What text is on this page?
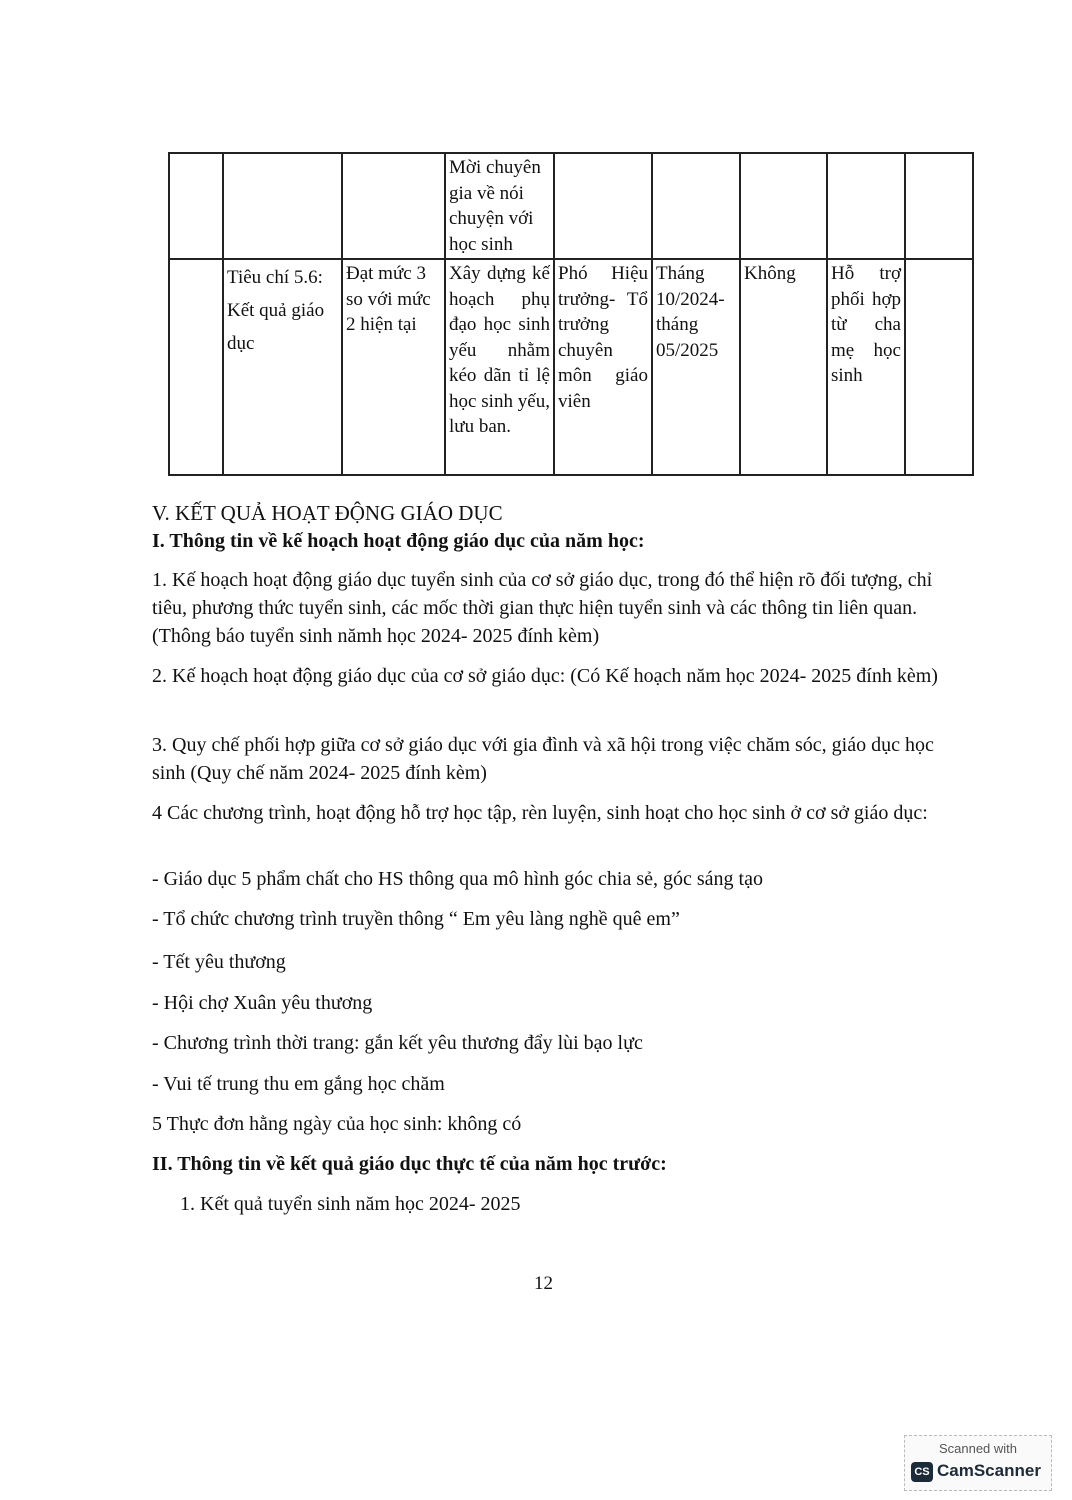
			Mời chuyên gia về nói chuyện với học sinh					
	Tiêu chí 5.6: Kết quả giáo dục	Đạt mức 3 so với mức 2 hiện tại	Xây dựng kế hoạch phụ đạo học sinh yếu nhằm kéo dãn tỉ lệ học sinh yếu, lưu ban.	Phó Hiệu trưởng- Tổ trưởng chuyên môn giáo viên	Tháng 10/2024- tháng 05/2025	Không	Hỗ trợ phối hợp từ cha mẹ học sinh	
V. KẾT QUẢ HOẠT ĐỘNG GIÁO DỤC
I. Thông tin về kế hoạch hoạt động giáo dục của năm học:
1. Kế hoạch hoạt động giáo dục tuyển sinh của cơ sở giáo dục, trong đó thể hiện rõ đối tượng, chỉ tiêu, phương thức tuyển sinh, các mốc thời gian thực hiện tuyển sinh và các thông tin liên quan. (Thông báo tuyển sinh nămh học 2024- 2025 đính kèm)
2. Kế hoạch hoạt động giáo dục của cơ sở giáo dục: (Có Kế hoạch năm học 2024- 2025 đính kèm)
3. Quy chế phối hợp giữa cơ sở giáo dục với gia đình và xã hội trong việc chăm sóc, giáo dục học sinh (Quy chế năm 2024- 2025 đính kèm)
4 Các chương trình, hoạt động hỗ trợ học tập, rèn luyện, sinh hoạt cho học sinh ở cơ sở giáo dục:
- Giáo dục 5 phẩm chất cho HS thông qua mô hình góc chia sẻ, góc sáng tạo
- Tổ chức chương trình truyền thông “ Em yêu làng nghề quê em”
- Tết yêu thương
- Hội chợ Xuân yêu thương
- Chương trình thời trang: gắn kết yêu thương đẩy lùi bạo lực
- Vui tế trung thu em gắng học chăm
5 Thực đơn hằng ngày của học sinh: không có
II. Thông tin về kết quả giáo dục thực tế của năm học trước:
1. Kết quả tuyển sinh năm học 2024- 2025
12
Scanned with
CS CamScanner
